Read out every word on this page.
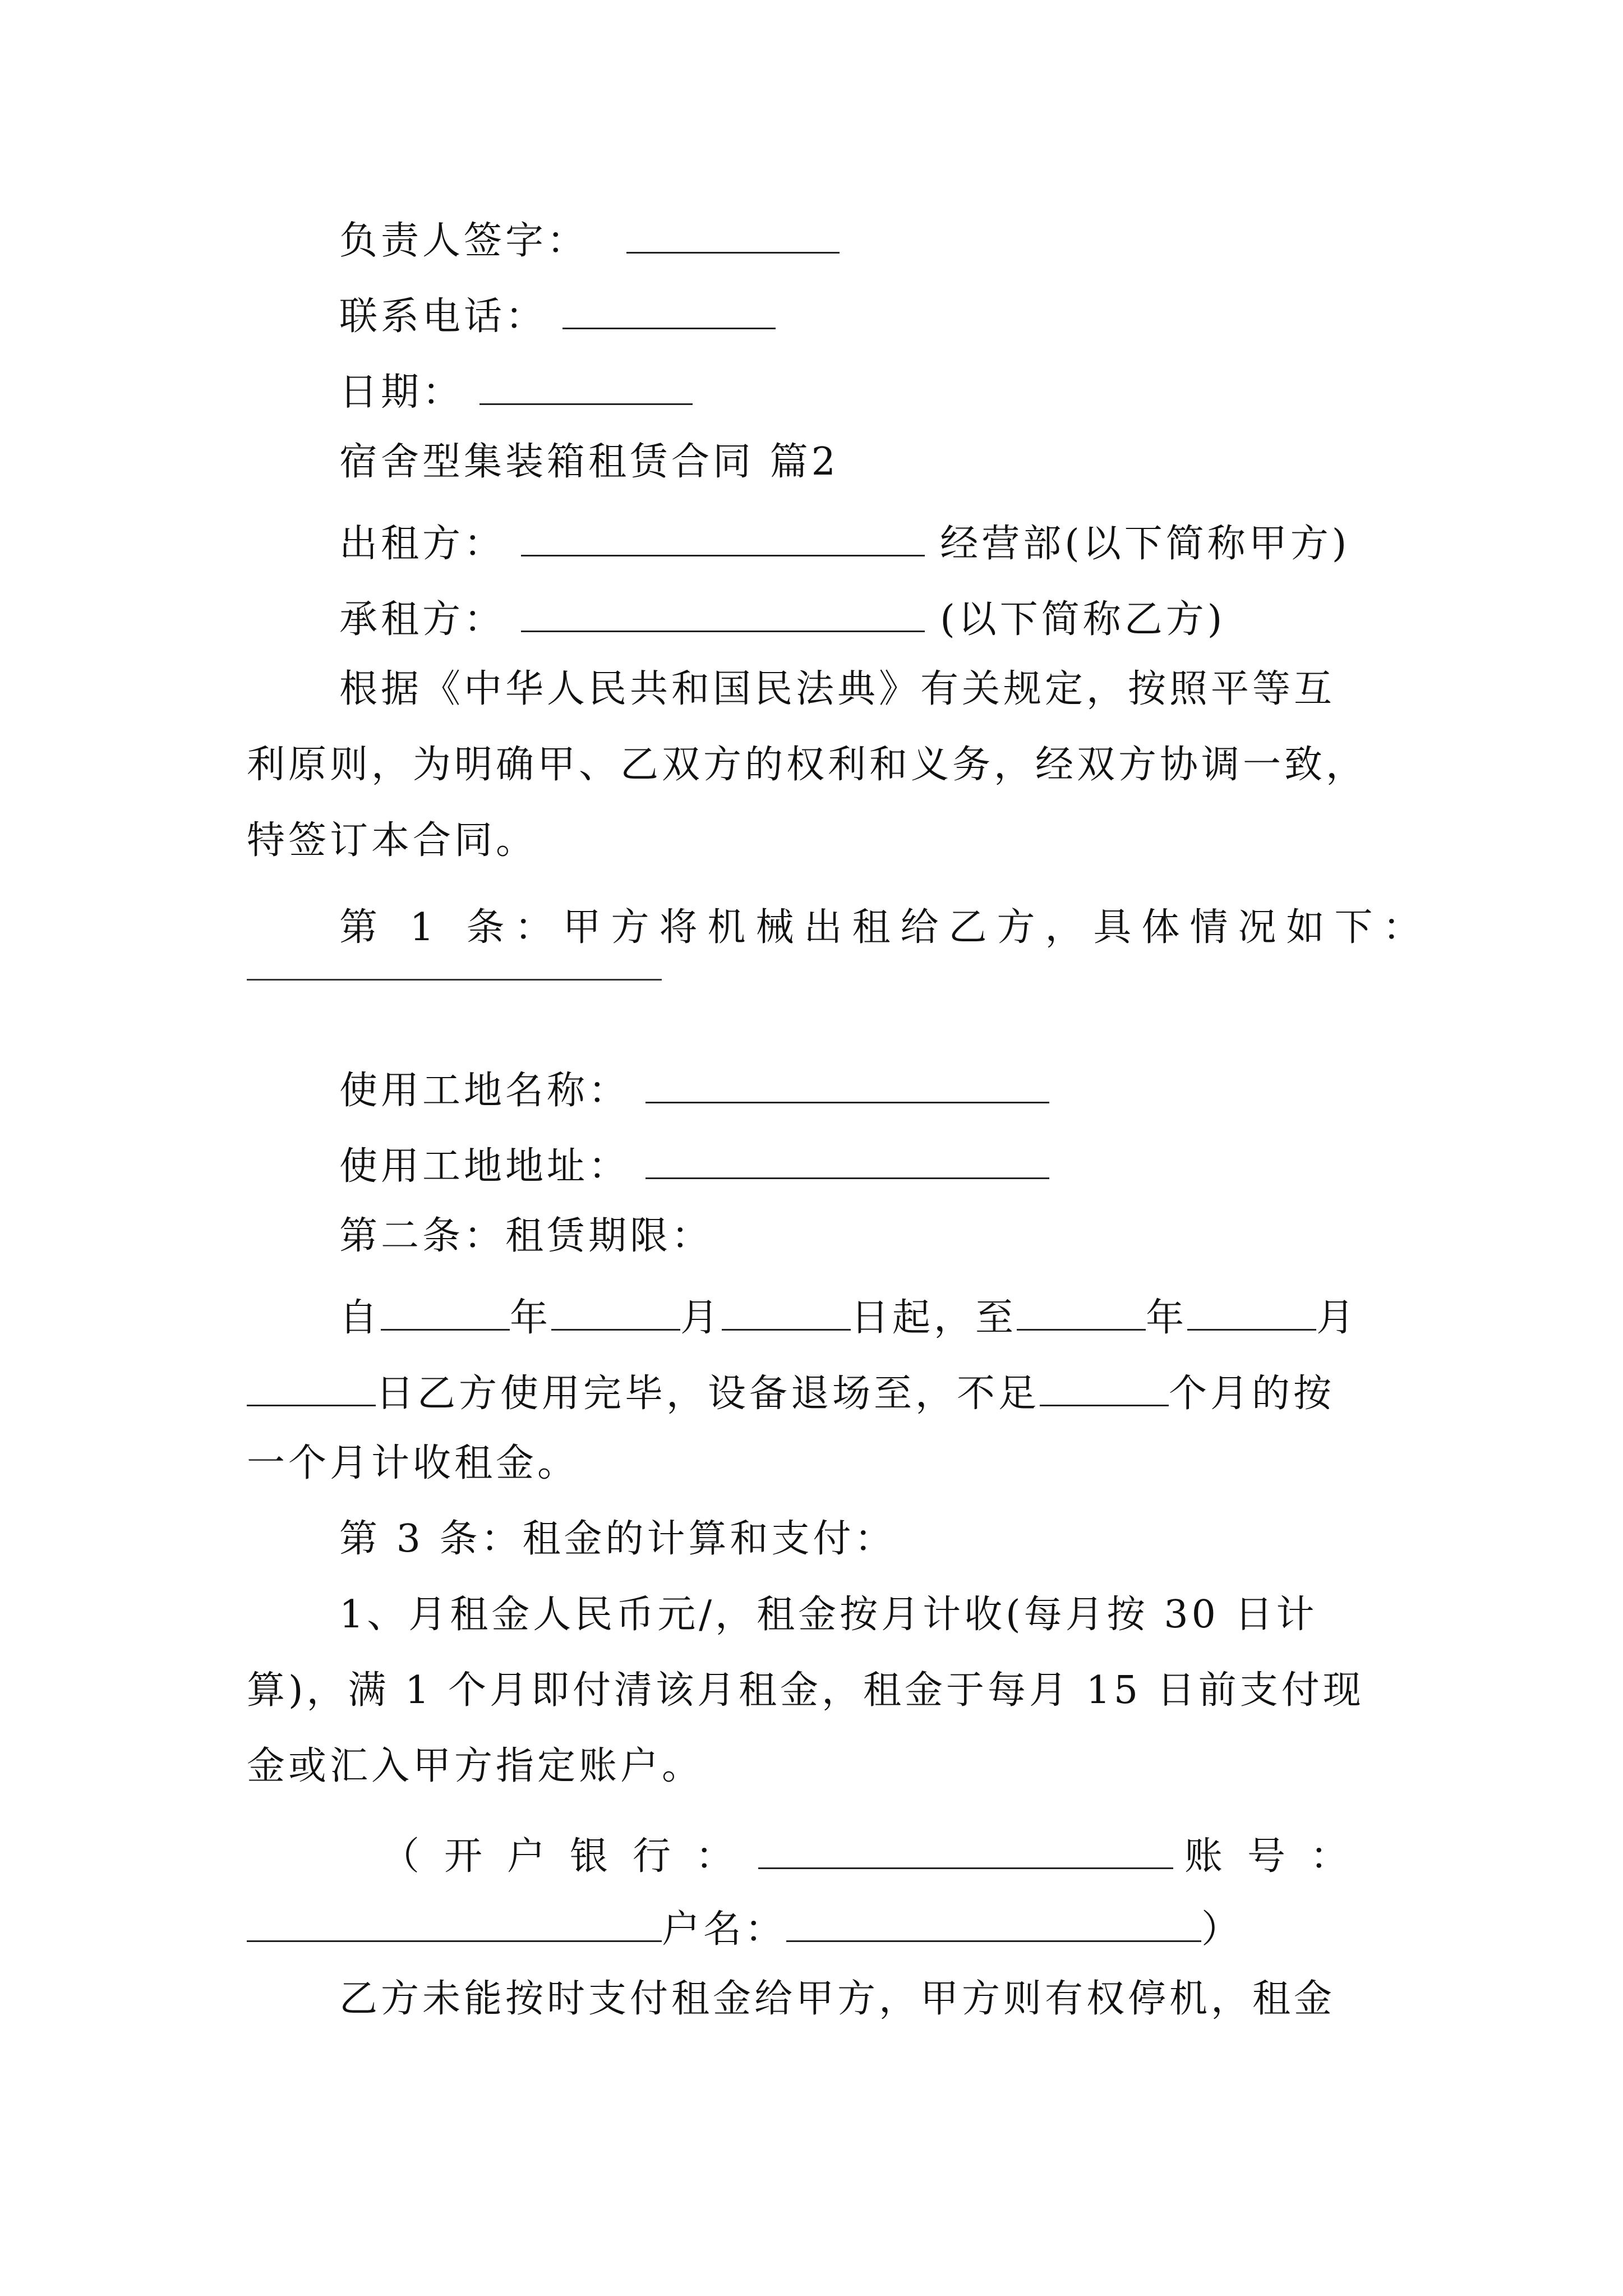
负责人签字：
联系电话：
日期：
宿舍型集装箱租赁合同 篇2
出租方：	经营部(以下简称甲方)
承租方：	(以下简称乙方)
根据《中华人民共和国民法典》有关规定，按照平等互
利原则，为明确甲、乙双方的权利和义务，经双方协调一致，
特签订本合同。
第 1 条：甲方将机械出租给乙方，具体情况如下：
使用工地名称：
使用工地地址：
第二条：租赁期限：
自	年	月	日起，至	年	月
日乙方使用完毕，设备退场至，不足	个月的按
一个月计收租金。
第 3 条：租金的计算和支付：
1、月租金人民币元/，租金按月计收(每月按 30 日计
算)，满 1 个月即付清该月租金，租金于每月 15 日前支付现
金或汇入甲方指定账户。
（开户银行：	账号：
户名：	）
乙方未能按时支付租金给甲方，甲方则有权停机，租金
